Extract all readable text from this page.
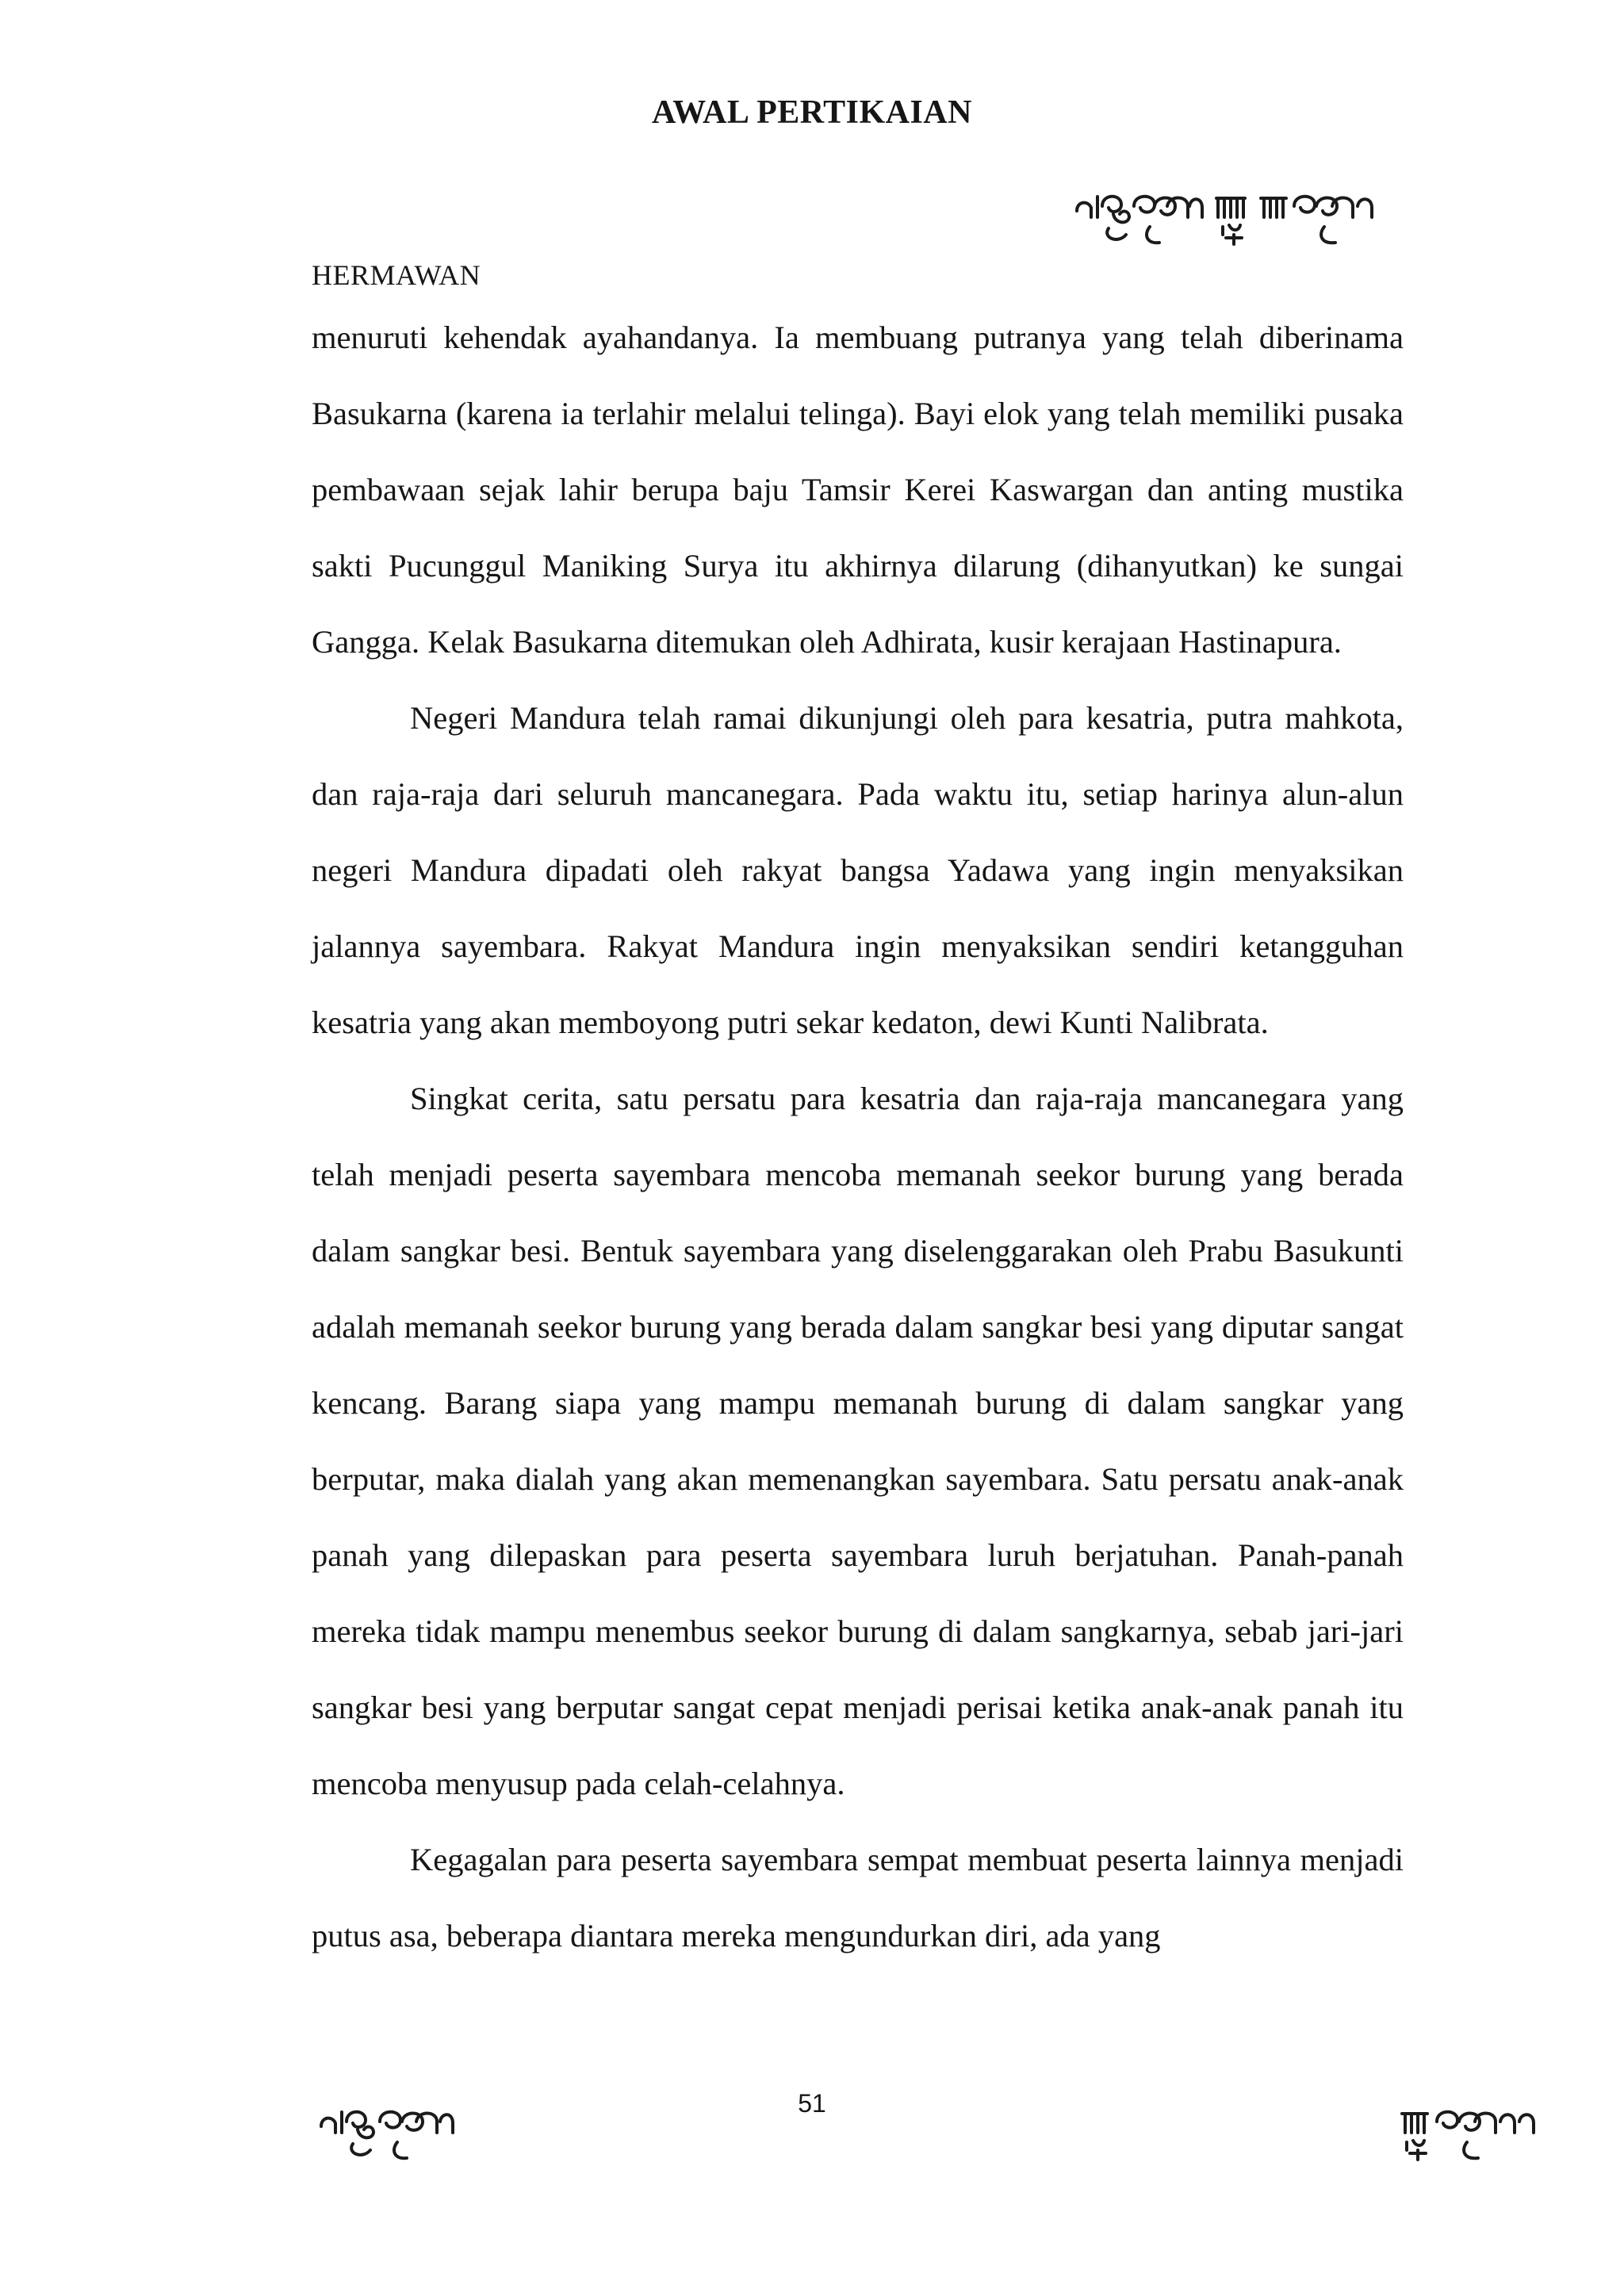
AWAL PERTIKAIAN
HERMAWAN

menuruti kehendak ayahandanya. Ia membuang putranya yang telah diberinama Basukarna (karena ia terlahir melalui telinga). Bayi elok yang telah memiliki pusaka pembawaan sejak lahir berupa baju Tamsir Kerei Kaswargan dan anting mustika sakti Pucunggul Maniking Surya itu akhirnya dilarung (dihanyutkan) ke sungai Gangga. Kelak Basukarna ditemukan oleh Adhirata, kusir kerajaan Hastinapura.

Negeri Mandura telah ramai dikunjungi oleh para kesatria, putra mahkota, dan raja-raja dari seluruh mancanegara. Pada waktu itu, setiap harinya alun-alun negeri Mandura dipadati oleh rakyat bangsa Yadawa yang ingin menyaksikan jalannya sayembara. Rakyat Mandura ingin menyaksikan sendiri ketangguhan kesatria yang akan memboyong putri sekar kedaton, dewi Kunti Nalibrata.

Singkat cerita, satu persatu para kesatria dan raja-raja mancanegara yang telah menjadi peserta sayembara mencoba memanah seekor burung yang berada dalam sangkar besi. Bentuk sayembara yang diselenggarakan oleh Prabu Basukunti adalah memanah seekor burung yang berada dalam sangkar besi yang diputar sangat kencang. Barang siapa yang mampu memanah burung di dalam sangkar yang berputar, maka dialah yang akan memenangkan sayembara. Satu persatu anak-anak panah yang dilepaskan para peserta sayembara luruh berjatuhan. Panah-panah mereka tidak mampu menembus seekor burung di dalam sangkarnya, sebab jari-jari sangkar besi yang berputar sangat cepat menjadi perisai ketika anak-anak panah itu mencoba menyusup pada celah-celahnya.

Kegagalan para peserta sayembara sempat membuat peserta lainnya menjadi putus asa, beberapa diantara mereka mengundurkan diri, ada yang

51
